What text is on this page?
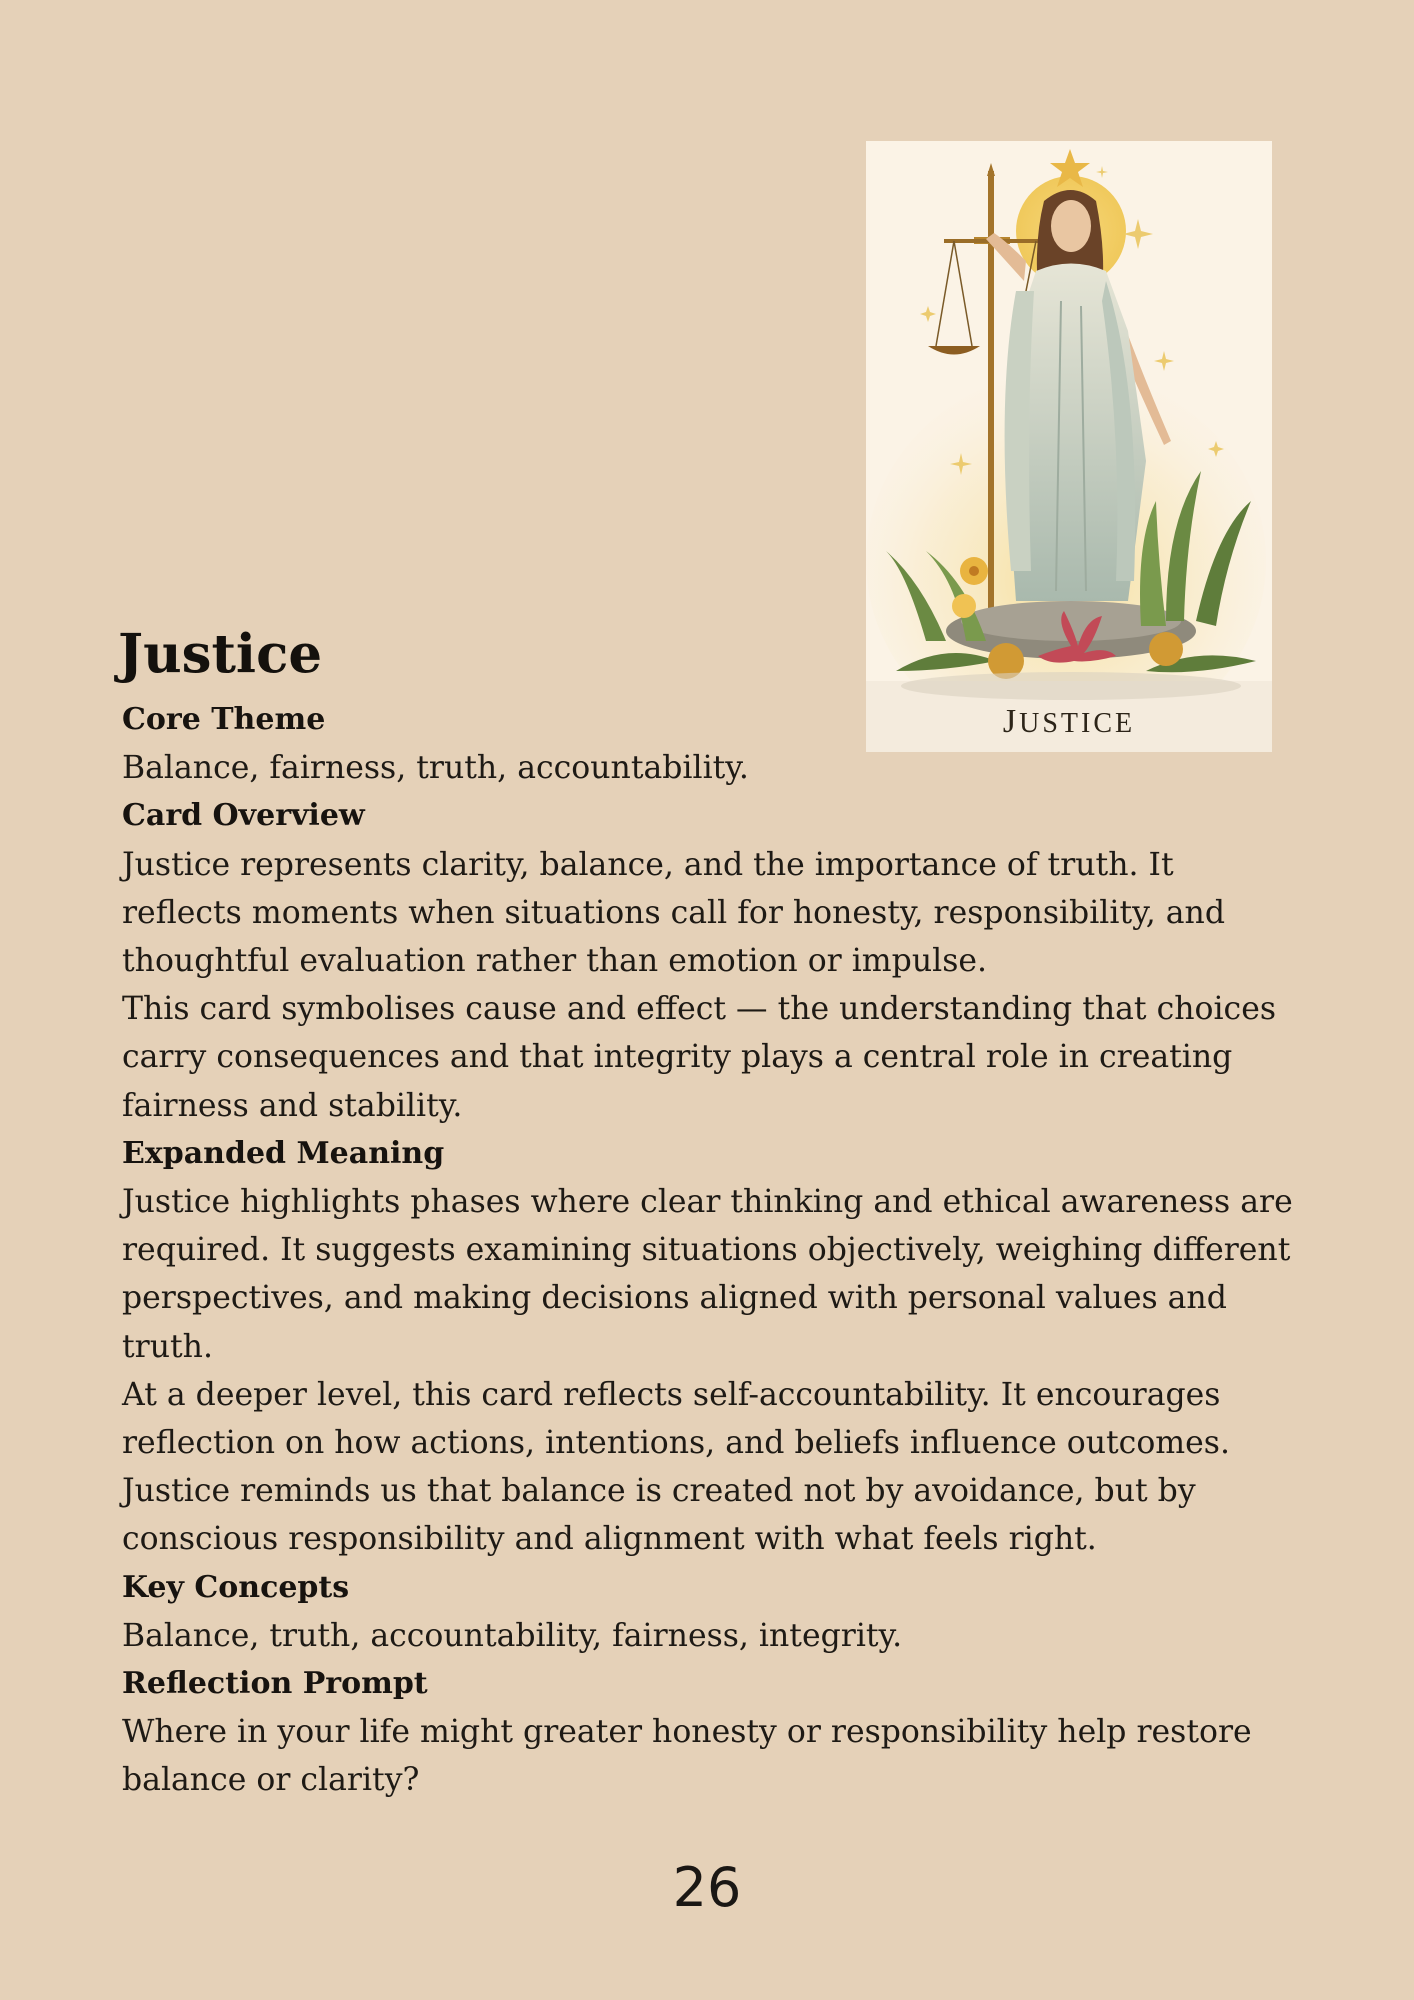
JUSTICE
Justice

Core Theme

Balance, fairness, truth, accountability.

Card Overview

Justice represents clarity, balance, and the importance of truth. It reflects moments when situations call for honesty, responsibility, and thoughtful evaluation rather than emotion or impulse.

This card symbolises cause and effect — the understanding that choices carry consequences and that integrity plays a central role in creating fairness and stability.

Expanded Meaning

Justice highlights phases where clear thinking and ethical awareness are required. It suggests examining situations objectively, weighing different perspectives, and making decisions aligned with personal values and truth.

At a deeper level, this card reflects self-accountability. It encourages reflection on how actions, intentions, and beliefs influence outcomes.

Justice reminds us that balance is created not by avoidance, but by conscious responsibility and alignment with what feels right.

Key Concepts

Balance, truth, accountability, fairness, integrity.

Reflection Prompt

Where in your life might greater honesty or responsibility help restore balance or clarity?

26
